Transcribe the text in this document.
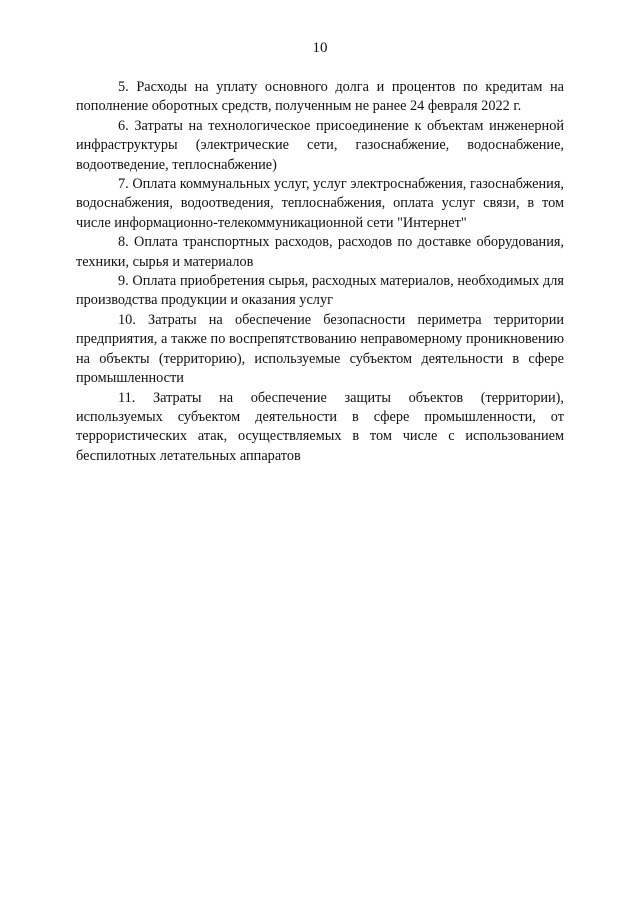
10

5. Расходы на уплату основного долга и процентов по кредитам на пополнение оборотных средств, полученным не ранее 24 февраля 2022 г.

6. Затраты на технологическое присоединение к объектам инженерной инфраструктуры (электрические сети, газоснабжение, водоснабжение, водоотведение, теплоснабжение)

7. Оплата коммунальных услуг, услуг электроснабжения, газоснабжения, водоснабжения, водоотведения, теплоснабжения, оплата услуг связи, в том числе информационно-телекоммуникационной сети "Интернет"

8. Оплата транспортных расходов, расходов по доставке оборудования, техники, сырья и материалов

9. Оплата приобретения сырья, расходных материалов, необходимых для производства продукции и оказания услуг

10. Затраты на обеспечение безопасности периметра территории предприятия, а также по воспрепятствованию неправомерному проникновению на объекты (территорию), используемые субъектом деятельности в сфере промышленности

11. Затраты на обеспечение защиты объектов (территории), используемых субъектом деятельности в сфере промышленности, от террористических атак, осуществляемых в том числе с использованием беспилотных летательных аппаратов
